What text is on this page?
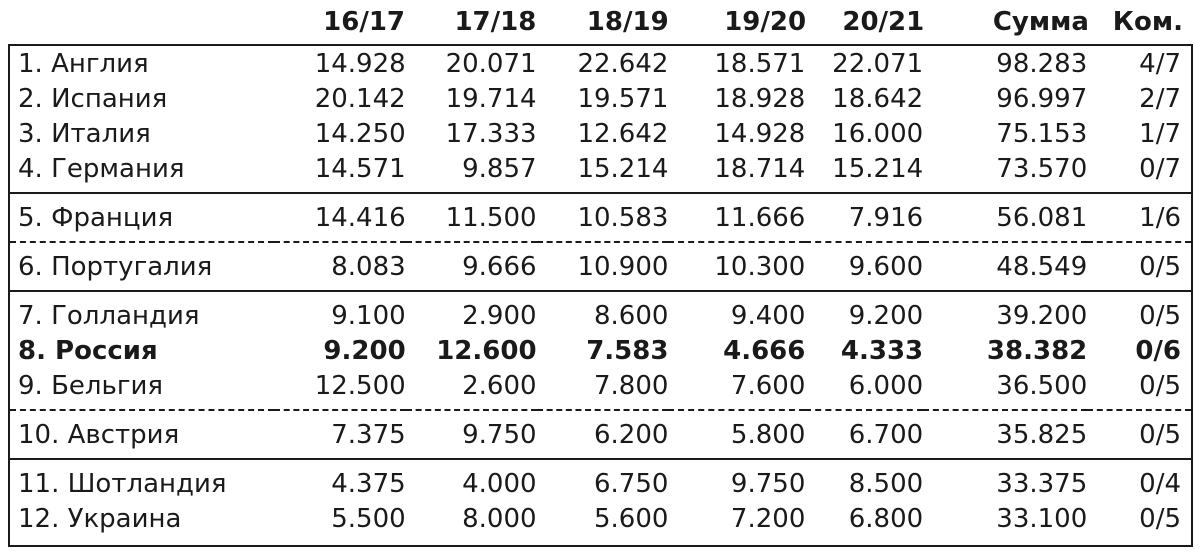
	16/17	17/18	18/19	19/20	20/21	Сумма	Ком.
1. Англия	14.928	20.071	22.642	18.571	22.071	98.283	4/7
2. Испания	20.142	19.714	19.571	18.928	18.642	96.997	2/7
3. Италия	14.250	17.333	12.642	14.928	16.000	75.153	1/7
4. Германия	14.571	9.857	15.214	18.714	15.214	73.570	0/7
5. Франция	14.416	11.500	10.583	11.666	7.916	56.081	1/6
6. Португалия	8.083	9.666	10.900	10.300	9.600	48.549	0/5
7. Голландия	9.100	2.900	8.600	9.400	9.200	39.200	0/5
8. Россия	9.200	12.600	7.583	4.666	4.333	38.382	0/6
9. Бельгия	12.500	2.600	7.800	7.600	6.000	36.500	0/5
10. Австрия	7.375	9.750	6.200	5.800	6.700	35.825	0/5
11. Шотландия	4.375	4.000	6.750	9.750	8.500	33.375	0/4
12. Украина	5.500	8.000	5.600	7.200	6.800	33.100	0/5
